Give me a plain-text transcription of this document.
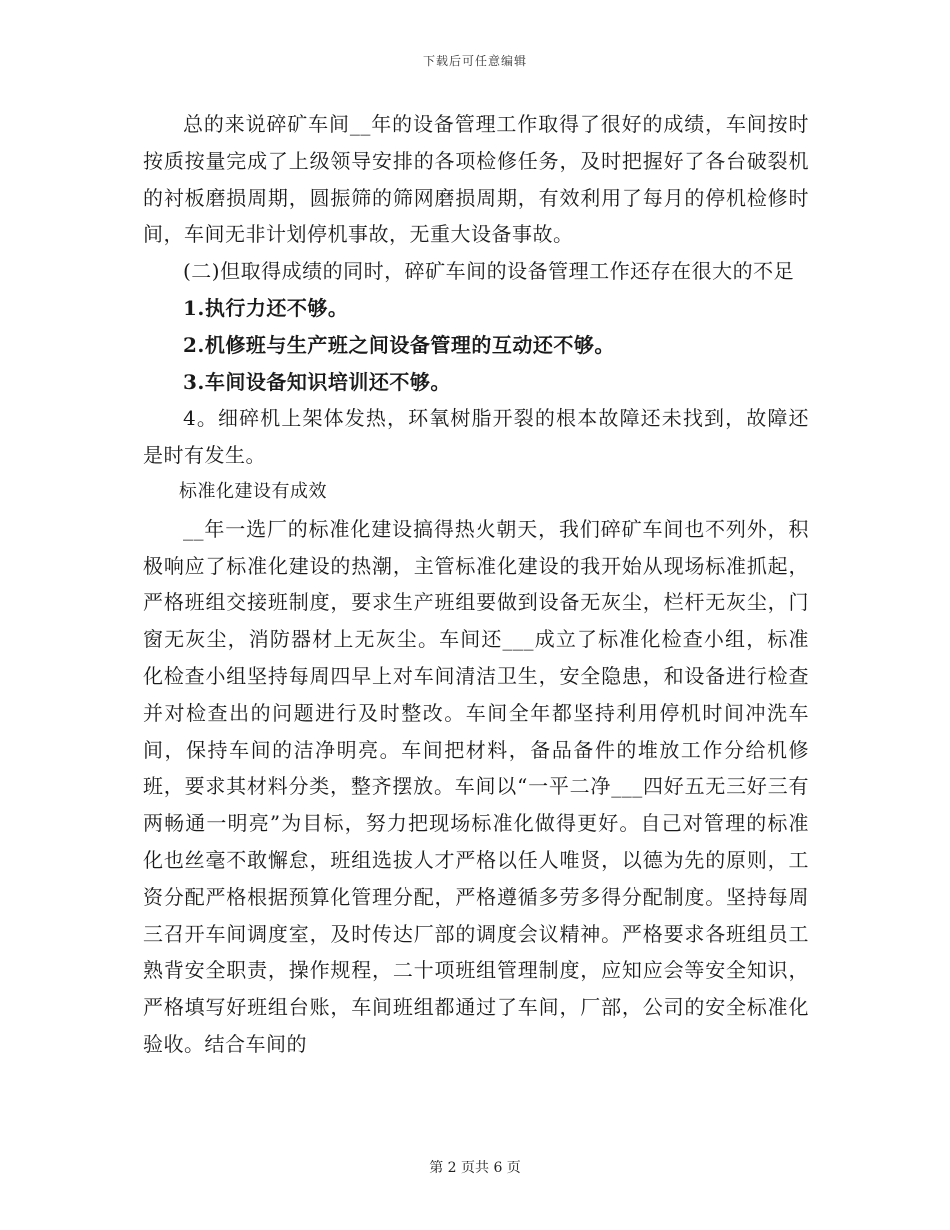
下载后可任意编辑

总的来说碎矿车间__年的设备管理工作取得了很好的成绩，车间按时按质按量完成了上级领导安排的各项检修任务，及时把握好了各台破裂机的衬板磨损周期，圆振筛的筛网磨损周期，有效利用了每月的停机检修时间，车间无非计划停机事故，无重大设备事故。

(二)但取得成绩的同时，碎矿车间的设备管理工作还存在很大的不足

1.执行力还不够。

2.机修班与生产班之间设备管理的互动还不够。

3.车间设备知识培训还不够。

4。细碎机上架体发热，环氧树脂开裂的根本故障还未找到，故障还是时有发生。

标准化建设有成效

__年一选厂的标准化建设搞得热火朝天，我们碎矿车间也不列外，积极响应了标准化建设的热潮，主管标准化建设的我开始从现场标准抓起，严格班组交接班制度，要求生产班组要做到设备无灰尘，栏杆无灰尘，门窗无灰尘，消防器材上无灰尘。车间还___成立了标准化检查小组，标准化检查小组坚持每周四早上对车间清洁卫生，安全隐患，和设备进行检查并对检查出的问题进行及时整改。车间全年都坚持利用停机时间冲洗车间，保持车间的洁净明亮。车间把材料，备品备件的堆放工作分给机修班，要求其材料分类，整齐摆放。车间以“一平二净___四好五无三好三有两畅通一明亮”为目标，努力把现场标准化做得更好。自己对管理的标准化也丝毫不敢懈怠，班组选拔人才严格以任人唯贤，以德为先的原则，工资分配严格根据预算化管理分配，严格遵循多劳多得分配制度。坚持每周三召开车间调度室，及时传达厂部的调度会议精神。严格要求各班组员工熟背安全职责，操作规程，二十项班组管理制度，应知应会等安全知识，严格填写好班组台账，车间班组都通过了车间，厂部，公司的安全标准化验收。结合车间的

第 2 页共 6 页
